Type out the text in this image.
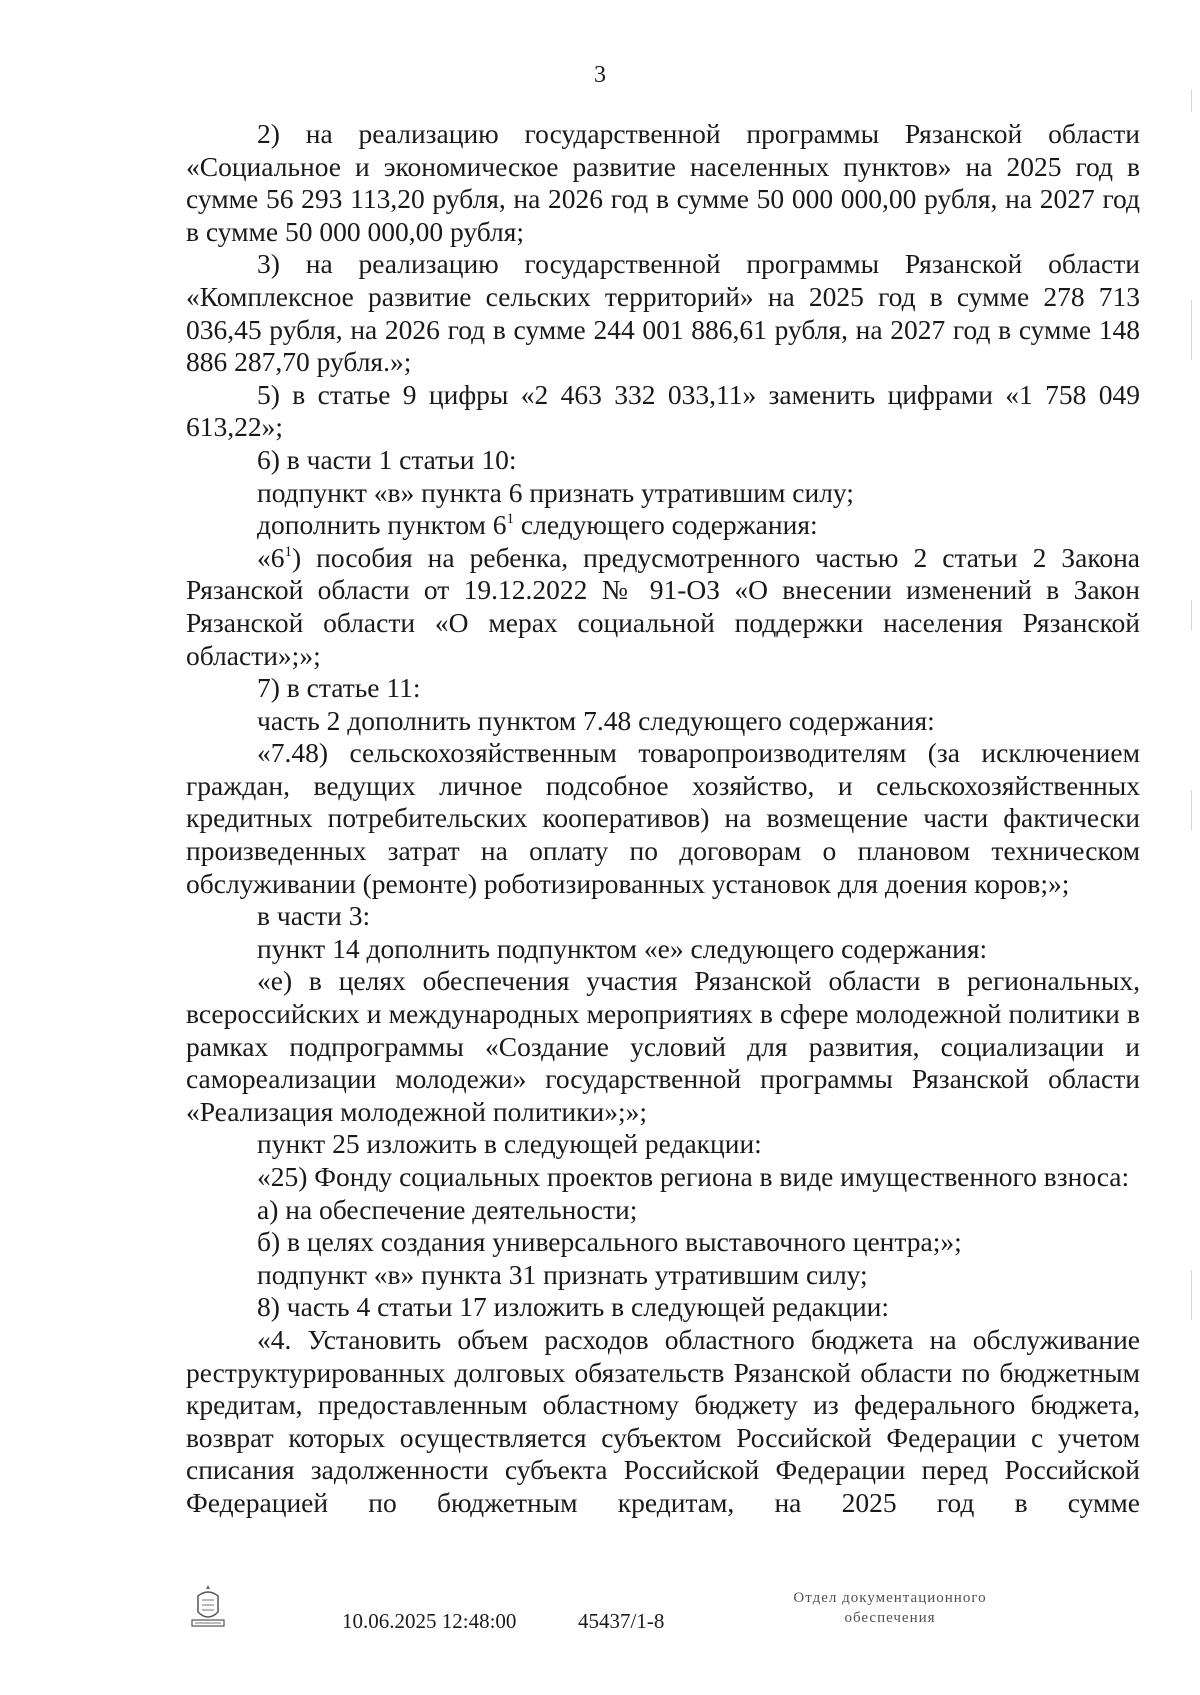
3

2) на реализацию государственной программы Рязанской области «Социальное и экономическое развитие населенных пунктов» на 2025 год в сумме 56 293 113,20 рубля, на 2026 год в сумме 50 000 000,00 рубля, на 2027 год в сумме 50 000 000,00 рубля;

3) на реализацию государственной программы Рязанской области «Комплексное развитие сельских территорий» на 2025 год в сумме 278 713 036,45 рубля, на 2026 год в сумме 244 001 886,61 рубля, на 2027 год в сумме 148 886 287,70 рубля.»;

5) в статье 9 цифры «2 463 332 033,11» заменить цифрами «1 758 049 613,22»;

6) в части 1 статьи 10:

подпункт «в» пункта 6 признать утратившим силу;

дополнить пунктом $6^1$ следующего содержания:

«$6^1$) пособия на ребенка, предусмотренного частью 2 статьи 2 Закона Рязанской области от 19.12.2022 № 91-ОЗ «О внесении изменений в Закон Рязанской области «О мерах социальной поддержки населения Рязанской области»;»;

7) в статье 11:

часть 2 дополнить пунктом 7.48 следующего содержания:

«7.48) сельскохозяйственным товаропроизводителям (за исключением граждан, ведущих личное подсобное хозяйство, и сельскохозяйственных кредитных потребительских кооперативов) на возмещение части фактически произведенных затрат на оплату по договорам о плановом техническом обслуживании (ремонте) роботизированных установок для доения коров;»;

в части 3:

пункт 14 дополнить подпунктом «е» следующего содержания:

«е) в целях обеспечения участия Рязанской области в региональных, всероссийских и международных мероприятиях в сфере молодежной политики в рамках подпрограммы «Создание условий для развития, социализации и самореализации молодежи» государственной программы Рязанской области «Реализация молодежной политики»;»;

пункт 25 изложить в следующей редакции:

«25) Фонду социальных проектов региона в виде имущественного взноса:

а) на обеспечение деятельности;

б) в целях создания универсального выставочного центра;»;

подпункт «в» пункта 31 признать утратившим силу;

8) часть 4 статьи 17 изложить в следующей редакции:

«4. Установить объем расходов областного бюджета на обслуживание реструктурированных долговых обязательств Рязанской области по бюджетным кредитам, предоставленным областному бюджету из федерального бюджета, возврат которых осуществляется субъектом Российской Федерации с учетом списания задолженности субъекта Российской Федерации перед Российской Федерацией по бюджетным кредитам, на 2025 год в сумме

10.06.2025 12:48:00	45437/1-8
Отдел документационного
обеспечения
